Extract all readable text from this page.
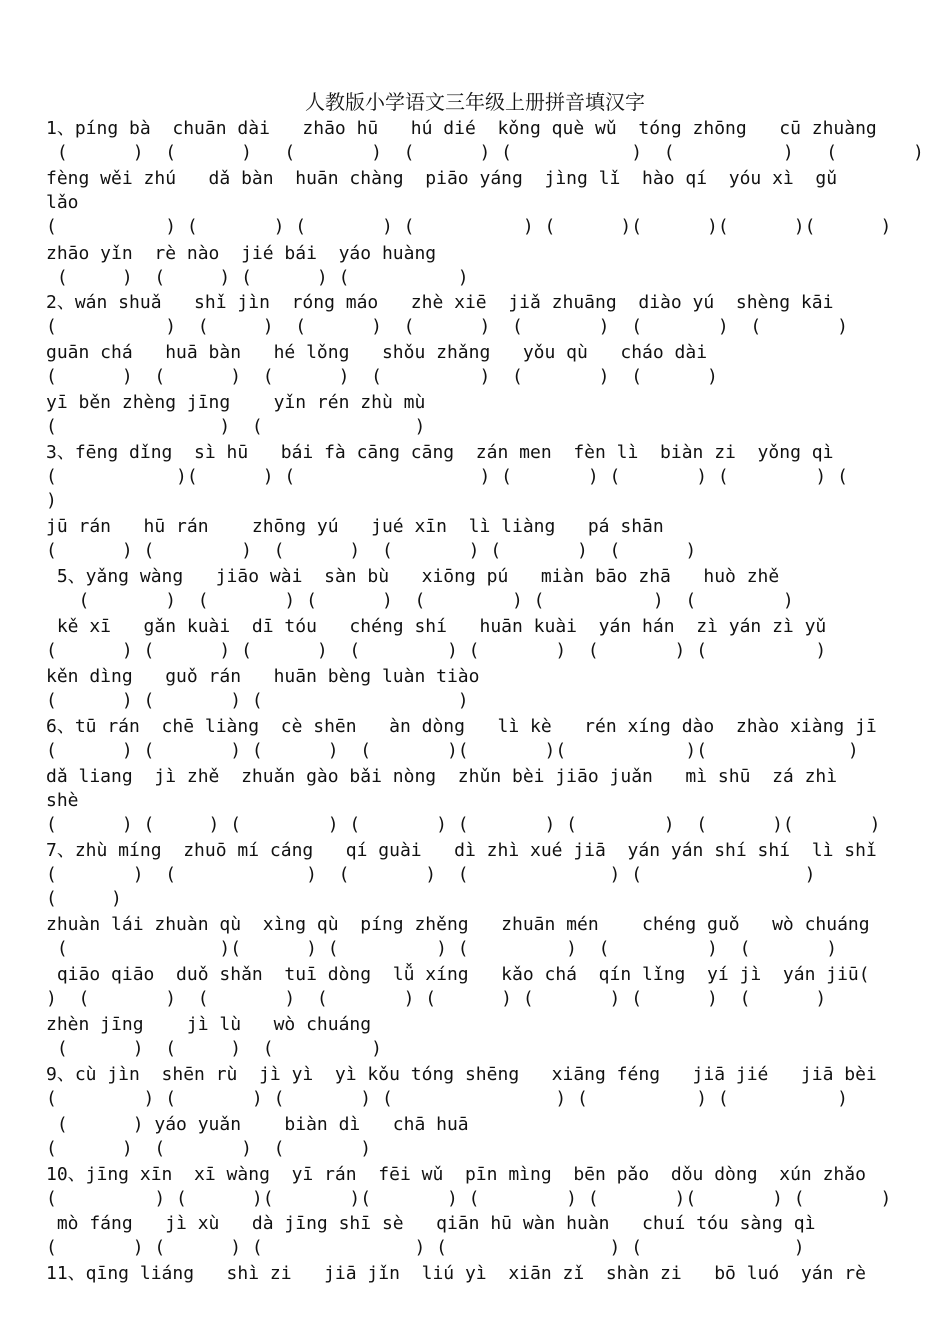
人教版小学语文三年级上册拼音填汉字
1、píng bà  chuān dài   zhāo hū   hú dié  kǒng què wǔ  tóng zhōng   cū zhuàng
(      )  (      )   (       )  (      ) (           )  (          )   (       )
fèng wěi zhú   dǎ bàn  huān chàng  piāo yáng  jìng lǐ  hào qí  yóu xì  gǔ
lǎo
(          ) (       ) (       ) (          ) (      )(      )(      )(      )
zhāo yǐn  rè nào  jié bái  yáo huàng
(     )  (     ) (      ) (          )
2、wán shuǎ   shǐ jìn  róng máo   zhè xiē  jiǎ zhuāng  diào yú  shèng kāi
(          )  (     )  (      )  (      )  (       )  (       )  (       )
guān chá   huā bàn   hé lǒng   shǒu zhǎng   yǒu qù   cháo dài
(      )  (      )  (      )  (         )  (       )  (      )
yī běn zhèng jīng    yǐn rén zhù mù
(               )  (              )
3、fēng dǐng  sì hū   bái fà cāng cāng  zán men  fèn lì  biàn zi  yǒng qì
(           )(      ) (                 ) (       ) (       ) (        ) (
)
jū rán   hū rán    zhōng yú   jué xīn  lì liàng   pá shān
(      ) (        )  (      )  (       ) (       )  (      )
5、yǎng wàng   jiāo wài  sàn bù   xiōng pú   miàn bāo zhā   huò zhě
(       )  (       ) (      )  (        ) (          )  (        )
kě xī   gǎn kuài  dī tóu   chéng shí   huān kuài  yán hán  zì yán zì yǔ
(      ) (      ) (      )  (        ) (       )  (       ) (          )
kěn dìng   guǒ rán   huān bèng luàn tiào
(      ) (       ) (                  )
6、tū rán  chē liàng  cè shēn   àn dòng   lì kè   rén xíng dào  zhào xiàng jī
(      ) (       ) (      )  (       )(       )(           )(             )
dǎ liang  jì zhě  zhuǎn gào bǎi nòng  zhǔn bèi jiāo juǎn   mì shū  zá zhì
shè
(      ) (     ) (        ) (       ) (       ) (        )  (      )(       )
7、zhù míng  zhuō mí cáng   qí guài   dì zhì xué jiā  yán yán shí shí  lì shǐ
(       )  (            )  (       )  (             ) (               )
(     )
zhuàn lái zhuàn qù  xìng qù  píng zhěng   zhuān mén    chéng guǒ   wò chuáng
(              )(      ) (         ) (         )  (         )  (       )
qiāo qiāo  duǒ shǎn  tuī dòng  lǚ xíng   kǎo chá  qín lǐng  yí jì  yán jiū(
)  (       )  (       )  (       ) (      ) (       ) (      )  (      )
zhèn jīng    jì lù   wò chuáng
(      )  (     )  (         )
9、cù jìn  shēn rù  jì yì  yì kǒu tóng shēng   xiāng féng   jiā jié   jiā bèi
(        ) (       ) (       ) (               ) (          ) (          )
(      ) yáo yuǎn    biàn dì   chā huā
(      )  (       )  (       )
10、jīng xīn  xī wàng  yī rán  fēi wǔ  pīn mìng  bēn pǎo  dǒu dòng  xún zhǎo
(         ) (      )(       )(       ) (        ) (       )(       ) (       )
mò fáng   jì xù   dà jīng shī sè   qiān hū wàn huàn   chuí tóu sàng qì
(       ) (      ) (              ) (               ) (              )
11、qīng liáng   shì zi   jiā jǐn  liú yì  xiān zǐ  shàn zi   bō luó  yán rè
